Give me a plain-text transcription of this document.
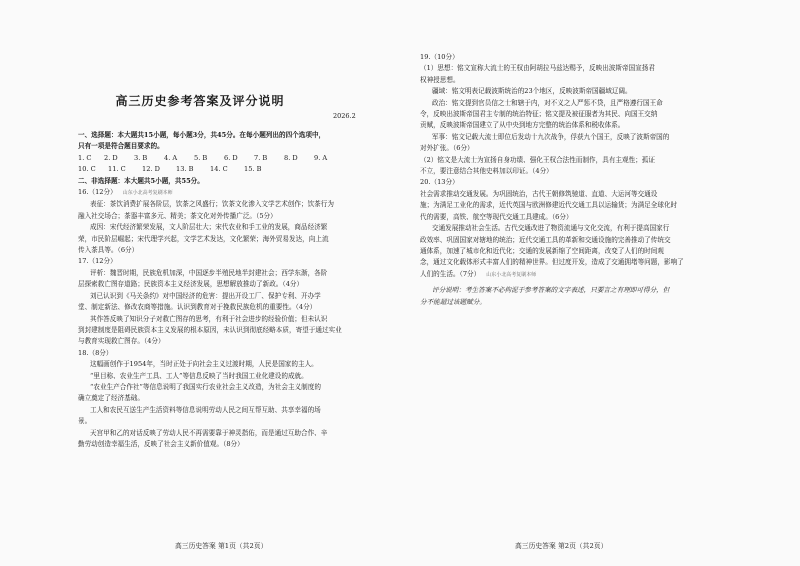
高三历史参考答案及评分说明
2026.2
一、选择题：本大题共15小题，每小题3分，共45分。在每小题列出的四个选项中，
只有一项是符合题目要求的。
1. C 2. D 3. B	4. A	5. B	6. D 7. B	8. D 9. A
10. C 11. C 12. D 13. B	14. C 15. B
二、非选择题：本大题共5小题，共55分。
16.（12分） 山东小北高考复刷本师
表征：茶饮消费扩展各阶层，饮茶之风盛行；饮茶文化渗入文学艺术创作；饮茶行为
融入社交场合；茶器丰富多元、精美；茶文化对外传播广泛。（5分）
成因：宋代经济繁荣发展，文人阶层壮大；宋代农业和手工业的发展，商品经济繁
荣，市民阶层崛起；宋代理学兴起，文学艺术发达，文化繁荣；海外贸易发达，向上流
传入茶具等。（6分）
17.（12分）
评析：魏晋时期，民族危机加深，中国逐步半殖民地半封建社会；西学东渐，各阶
层探索救亡图存道路；民族资本主义经济发展，思想解放推动了新政。（4分）
刘已认识到《马关条约》对中国经济的危害：提出开设工厂、保护专利、开办学
堂、制定新法、修改农商等措施。认识到教育对于挽救民族危机的重要性。（4分）
其作答反映了知识分子对救亡图存的思考，有利于社会进步的经验价值；但未认识
到封建制度是阻碍民族资本主义发展的根本原因，未认识到彻底经略本质，寄望于通过实业
与教育实现救亡图存。（4分）
18.（8分）
这幅画创作于1954年，当时正处于向社会主义过渡时期，人民是国家的主人。
“里目称、农业生产工具、工人”等信息反映了当时我国工业化建设的成就。
“农业生产合作社”等信息说明了我国实行农业社会主义改造，为社会主义制度的
确立奠定了经济基础。
工人和农民互送生产生活资料等信息说明劳动人民之间互帮互助、共享幸福的场
景。
天宫甲和乙的对话反映了劳动人民不再需要靠于神灵指佑，而是通过互助合作、辛
勤劳动创造幸福生活，反映了社会主义新价值观。（8分）
高三历史答案 第1页（共2页）
19.（10分）
（1）思想：铭文宣称大流士的王权由阿胡拉马兹达赐予，反映出波斯帝国宣扬君
权神授思想。
疆域：铭文明表记载波斯统治的23个地区，反映波斯帝国疆域辽阔。
政治：铭文提到官员信之士和辖于内，对不义之人严惩不贷，且严格遵行国王命
令，反映出波斯帝国君主专制的统治特征；铭文提及被征服者为其民、向国王交纳
贡赋，反映波斯帝国建立了从中央到地方完整的统治体系和税收体系。
军事：铭文记载大流士即位后发动十九次战争，俘获九个国王，反映了波斯帝国的
对外扩张。（6分）
（2）铭文是大流士为宣扬自身功绩、强化王权合法性而制作，具有主观性；孤证
不立，要注意结合其他史料加以印证。（4分）
20.（13分）
社会需求推动交通发展。为巩固统治，古代王朝修筑驰道、直道、大运河等交通设
施；为满足工业化的需求，近代英国与欧洲修建近代交通工具以运输货；为满足全球化时
代的需要，高铁、航空等现代交通工具建成。（6分）
交通发展推动社会生活。古代交通改进了物资流通与文化交流，有利于提高国家行
政效率、巩固国家对辖地的统治；近代交通工具的革新和交通设施的完善推动了传统交
通体系，加速了城市化和近代化；交通的发展新缩了空间距离，改变了人们的时间观
念，通过文化载体形式丰富人们的精神世界。但过度开发，造成了交通拥堵等问题，影响了
人们的生活。（7分） 山东小北高考复刷本师
评分说明：考生答案不必拘泥于参考答案的文字表述，只要言之有理即可得分，但
分不能超过该题赋分。
高三历史答案 第2页（共2页）
